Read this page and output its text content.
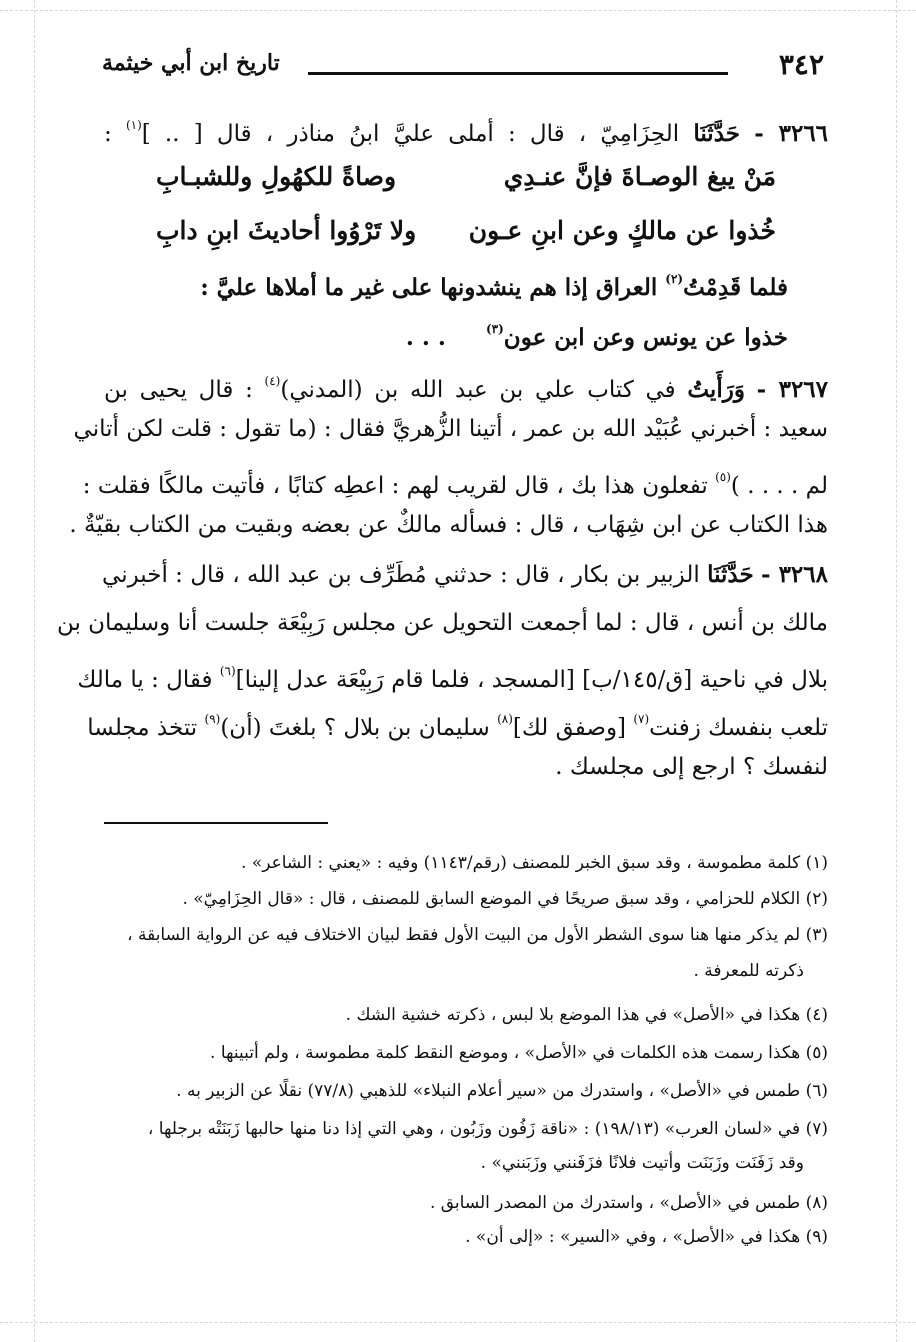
٣٤٢
تاريخ ابن أبي خيثمة
٣٢٦٦ - حَدَّثَنَا الحِزَامِيّ ، قال : أملى عليَّ ابنُ مناذر ، قال [ .. ]$^{(١)}$ :
مَنْ يبغ الوصـاةَ فإنَّ عنـدِي
وصاةً للكهُولِ وللشبـابِ
خُذوا عن مالكٍ وعن ابنِ عـون
ولا تَرْوُوا أحاديثَ ابنِ دابِ
فلما قَدِمْتُ$^{(٢)}$ العراق إذا هم ينشدونها على غير ما أملاها عليَّ :
خذوا عن يونس وعن ابن عون$^{(٣)}$     . . .
٣٢٦٧ - وَرَأَيتُ في كتاب علي بن عبد الله بن (المدني)$^{(٤)}$ : قال يحيى بن
سعيد : أخبرني عُبَيْد الله بن عمر ، أتينا الزُّهريَّ فقال : (ما تقول : قلت لكن أتاني
لم . . . . )$^{(٥)}$ تفعلون هذا بك ، قال لقريب لهم : اعطِه كتابًا ، فأتيت مالكًا فقلت :
هذا الكتاب عن ابن شِهَاب ، قال : فسأله مالكٌ عن بعضه وبقيت من الكتاب بقيّةٌ .
٣٢٦٨ - حَدَّثَنَا الزبير بن بكار ، قال : حدثني مُطَرِّف بن عبد الله ، قال : أخبرني
مالك بن أنس ، قال : لما أجمعت التحويل عن مجلس رَبِيْعَة جلست أنا وسليمان بن
بلال في ناحية [ق/١٤٥/ب] [المسجد ، فلما قام رَبِيْعَة عدل إلينا]$^{(٦)}$ فقال : يا مالك
تلعب بنفسك زفنت$^{(٧)}$ [وصفق لك]$^{(٨)}$ سليمان بن بلال ؟ بلغتَ (أن)$^{(٩)}$ تتخذ مجلسا
لنفسك ؟ ارجع إلى مجلسك .
(١) كلمة مطموسة ، وقد سبق الخبر للمصنف (رقم/١١٤٣) وفيه : «يعني : الشاعر» .
(٢) الكلام للحزامي ، وقد سبق صريحًا في الموضع السابق للمصنف ، قال : «قال الحِزَامِيّ» .
(٣) لم يذكر منها هنا سوى الشطر الأول من البيت الأول فقط لبيان الاختلاف فيه عن الرواية السابقة ،
ذكرته للمعرفة .
(٤) هكذا في «الأصل» في هذا الموضع بلا لبس ، ذكرته خشية الشك .
(٥) هكذا رسمت هذه الكلمات في «الأصل» ، وموضع النقط كلمة مطموسة ، ولم أتبينها .
(٦) طمس في «الأصل» ، واستدرك من «سير أعلام النبلاء» للذهبي (٧٧/٨) نقلًا عن الزبير به .
(٧) في «لسان العرب» (١٩٨/١٣) : «ناقة زَفُون وزَبُون ، وهي التي إذا دنا منها حالبها زَبَنَتْه برجلها ،
وقد زَفَنَت وزَبَنَت وأتيت فلانًا فزَفَنني وزَبَنني» .
(٨) طمس في «الأصل» ، واستدرك من المصدر السابق .
(٩) هكذا في «الأصل» ، وفي «السير» : «إلى أن» .
